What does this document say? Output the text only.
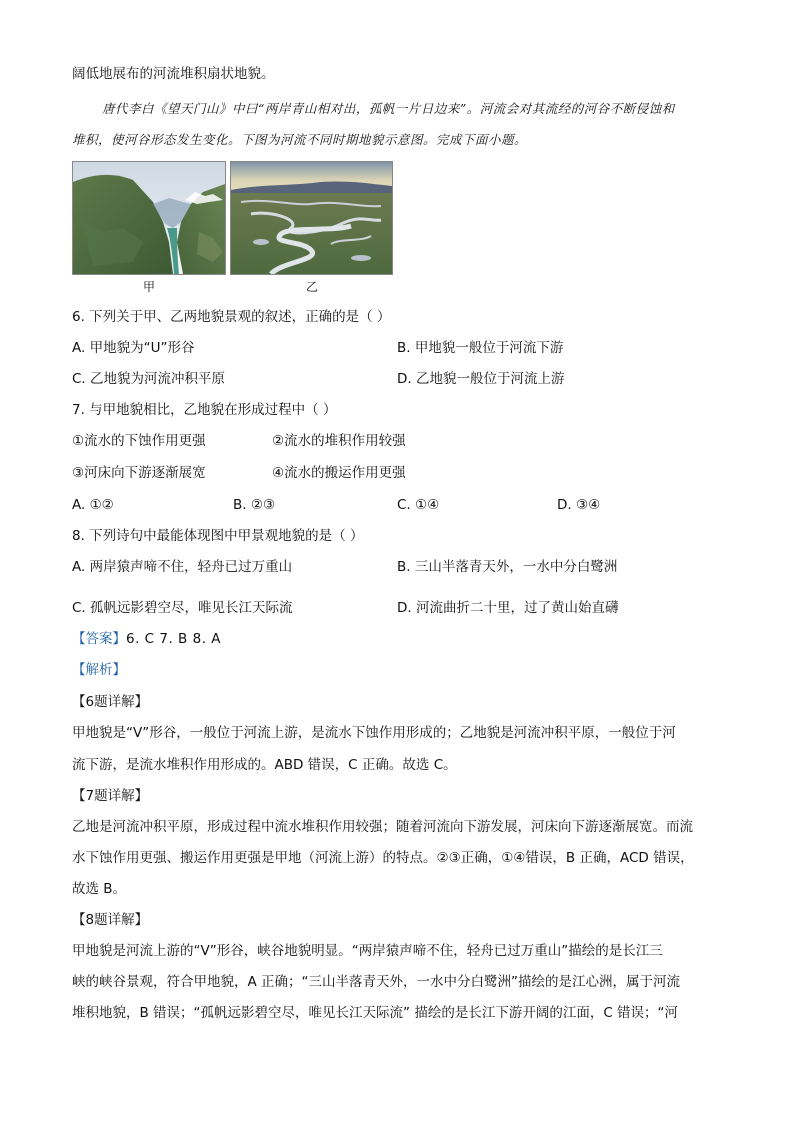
阔低地展布的河流堆积扇状地貌。
唐代李白《望天门山》中曰“两岸青山相对出，孤帆一片日边来”。河流会对其流经的河谷不断侵蚀和
堆积，使河谷形态发生变化。下图为河流不同时期地貌示意图。完成下面小题。
甲	乙
6. 下列关于甲、乙两地貌景观的叙述，正确的是（ ）
A. 甲地貌为“U”形谷	B. 甲地貌一般位于河流下游
C. 乙地貌为河流冲积平原	D. 乙地貌一般位于河流上游
7. 与甲地貌相比，乙地貌在形成过程中（ ）
①流水的下蚀作用更强	②流水的堆积作用较强
③河床向下游逐渐展宽	④流水的搬运作用更强
A. ①②	B. ②③	C. ①④	D. ③④
8. 下列诗句中最能体现图中甲景观地貌的是（ ）
A. 两岸猿声啼不住，轻舟已过万重山	B. 三山半落青天外，一水中分白鹭洲
C. 孤帆远影碧空尽，唯见长江天际流	D. 河流曲折二十里，过了黄山始直礴
【答案】6. C 7. B 8. A
【解析】
【6题详解】
甲地貌是“V”形谷，一般位于河流上游，是流水下蚀作用形成的；乙地貌是河流冲积平原，一般位于河
流下游，是流水堆积作用形成的。ABD 错误，C 正确。故选 C。
【7题详解】
乙地是河流冲积平原，形成过程中流水堆积作用较强；随着河流向下游发展，河床向下游逐渐展宽。而流
水下蚀作用更强、搬运作用更强是甲地（河流上游）的特点。②③正确，①④错误，B 正确，ACD 错误，
故选 B。
【8题详解】
甲地貌是河流上游的“V”形谷，峡谷地貌明显。“两岸猿声啼不住，轻舟已过万重山”描绘的是长江三
峡的峡谷景观，符合甲地貌，A 正确；“三山半落青天外，一水中分白鹭洲”描绘的是江心洲，属于河流
堆积地貌，B 错误；“孤帆远影碧空尽，唯见长江天际流” 描绘的是长江下游开阔的江面，C 错误；“河
